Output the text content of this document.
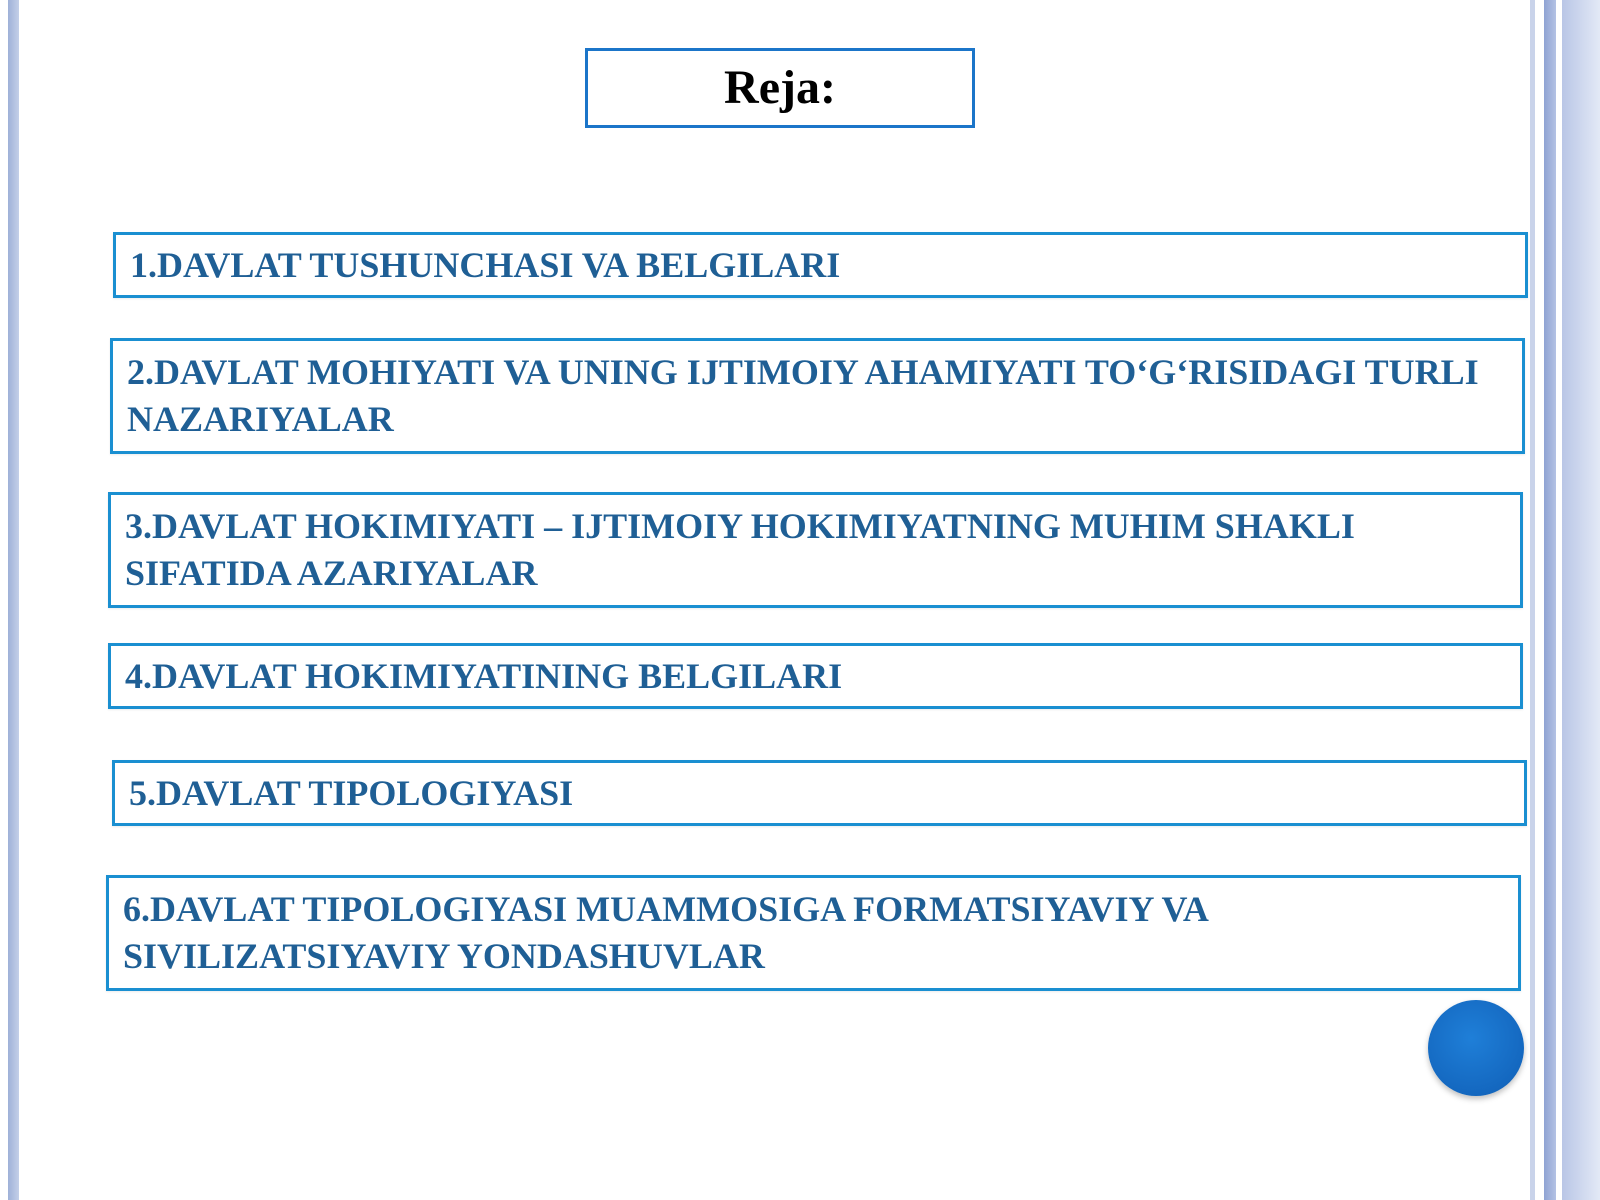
Reja:
1.DAVLAT TUSHUNCHASI VA BELGILARI
2.DAVLAT MOHIYATI VA UNING IJTIMOIY AHAMIYATI TO‘G‘RISIDAGI TURLI NAZARIYALAR
3.DAVLAT HOKIMIYATI – IJTIMOIY HOKIMIYATNING MUHIM SHAKLI SIFATIDA AZARIYALAR
4.DAVLAT HOKIMIYATINING BELGILARI
5.DAVLAT TIPOLOGIYASI
6.DAVLAT TIPOLOGIYASI MUAMMOSIGA FORMATSIYAVIY VA SIVILIZATSIYAVIY YONDASHUVLAR
